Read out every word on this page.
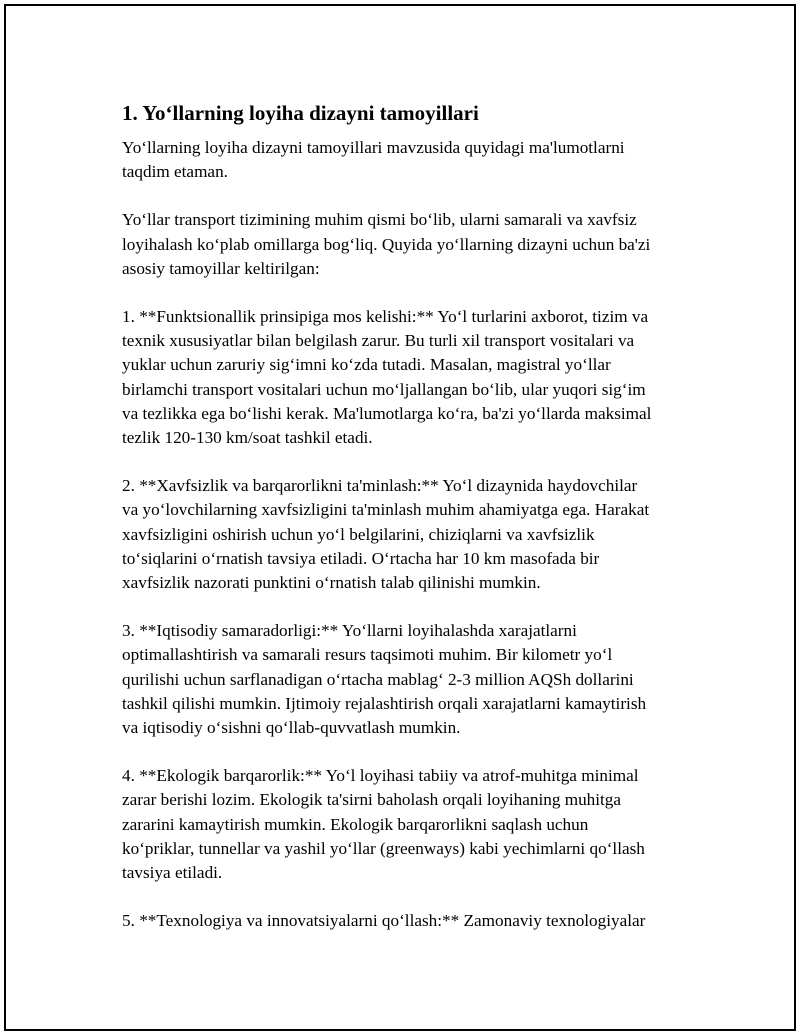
1. Yo‘llarning loyiha dizayni tamoyillari

Yo‘llarning loyiha dizayni tamoyillari mavzusida quyidagi ma'lumotlarni
taqdim etaman.

Yo‘llar transport tizimining muhim qismi bo‘lib, ularni samarali va xavfsiz
loyihalash ko‘plab omillarga bog‘liq. Quyida yo‘llarning dizayni uchun ba'zi
asosiy tamoyillar keltirilgan:

1. **Funktsionallik prinsipiga mos kelishi:** Yo‘l turlarini axborot, tizim va
texnik xususiyatlar bilan belgilash zarur. Bu turli xil transport vositalari va
yuklar uchun zaruriy sig‘imni ko‘zda tutadi. Masalan, magistral yo‘llar
birlamchi transport vositalari uchun mo‘ljallangan bo‘lib, ular yuqori sig‘im
va tezlikka ega bo‘lishi kerak. Ma'lumotlarga ko‘ra, ba'zi yo‘llarda maksimal
tezlik 120-130 km/soat tashkil etadi.

2. **Xavfsizlik va barqarorlikni ta'minlash:** Yo‘l dizaynida haydovchilar
va yo‘lovchilarning xavfsizligini ta'minlash muhim ahamiyatga ega. Harakat
xavfsizligini oshirish uchun yo‘l belgilarini, chiziqlarni va xavfsizlik
to‘siqlarini o‘rnatish tavsiya etiladi. O‘rtacha har 10 km masofada bir
xavfsizlik nazorati punktini o‘rnatish talab qilinishi mumkin.

3. **Iqtisodiy samaradorligi:** Yo‘llarni loyihalashda xarajatlarni
optimallashtirish va samarali resurs taqsimoti muhim. Bir kilometr yo‘l
qurilishi uchun sarflanadigan o‘rtacha mablag‘ 2-3 million AQSh dollarini
tashkil qilishi mumkin. Ijtimoiy rejalashtirish orqali xarajatlarni kamaytirish
va iqtisodiy o‘sishni qo‘llab-quvvatlash mumkin.

4. **Ekologik barqarorlik:** Yo‘l loyihasi tabiiy va atrof-muhitga minimal
zarar berishi lozim. Ekologik ta'sirni baholash orqali loyihaning muhitga
zararini kamaytirish mumkin. Ekologik barqarorlikni saqlash uchun
ko‘priklar, tunnellar va yashil yo‘llar (greenways) kabi yechimlarni qo‘llash
tavsiya etiladi.

5. **Texnologiya va innovatsiyalarni qo‘llash:** Zamonaviy texnologiyalar
